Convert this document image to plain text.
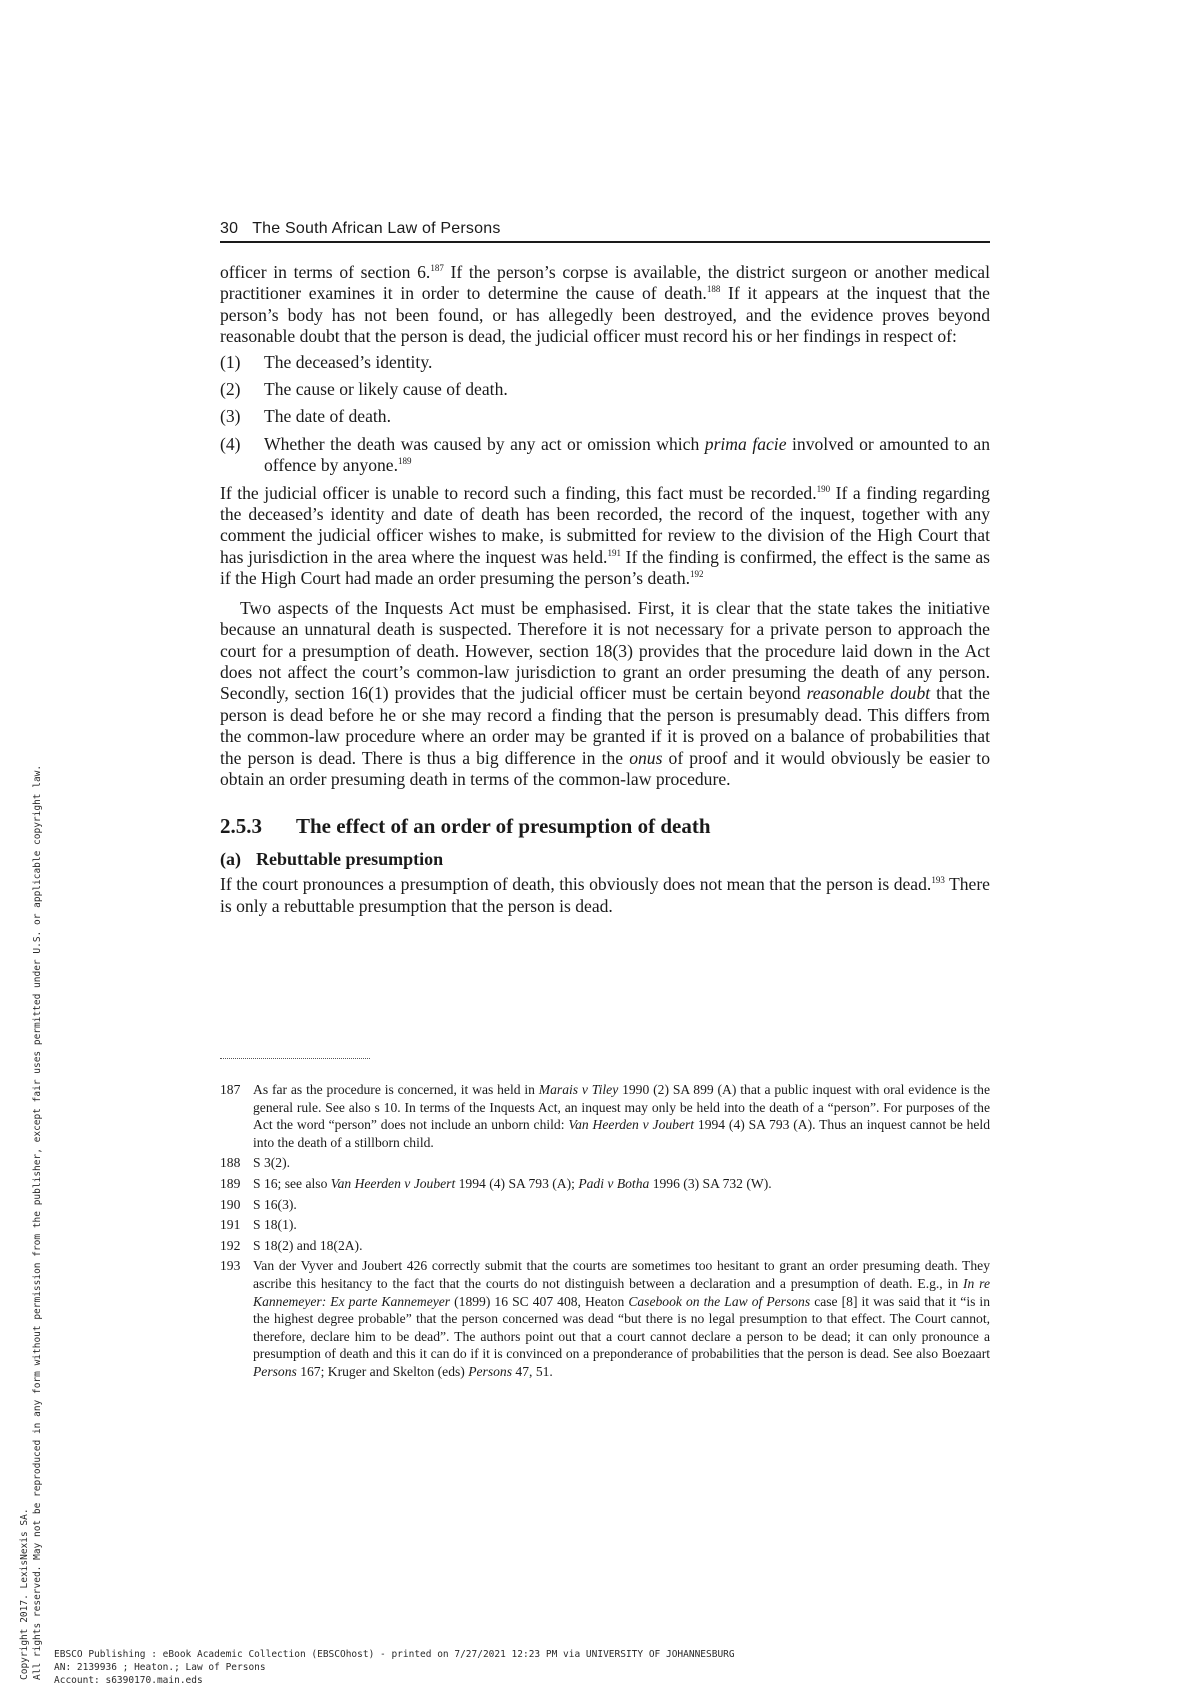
30 The South African Law of Persons

officer in terms of section 6.$^{187}$ If the person’s corpse is available, the district surgeon or another medical practitioner examines it in order to determine the cause of death.$^{188}$ If it appears at the inquest that the person’s body has not been found, or has allegedly been destroyed, and the evidence proves beyond reasonable doubt that the person is dead, the judicial officer must record his or her findings in respect of:

(1) The deceased’s identity.
(2) The cause or likely cause of death.
(3) The date of death.
(4) Whether the death was caused by any act or omission which prima facie involved or amounted to an offence by anyone.$^{189}$

If the judicial officer is unable to record such a finding, this fact must be recorded.$^{190}$ If a finding regarding the deceased’s identity and date of death has been recorded, the record of the inquest, together with any comment the judicial officer wishes to make, is submitted for review to the division of the High Court that has jurisdiction in the area where the inquest was held.$^{191}$ If the finding is confirmed, the effect is the same as if the High Court had made an order presuming the person’s death.$^{192}$

Two aspects of the Inquests Act must be emphasised. First, it is clear that the state takes the initiative because an unnatural death is suspected. Therefore it is not necessary for a private person to approach the court for a presumption of death. However, section 18(3) provides that the procedure laid down in the Act does not affect the court’s common-law jurisdiction to grant an order presuming the death of any person. Secondly, section 16(1) provides that the judicial officer must be certain beyond reasonable doubt that the person is dead before he or she may record a finding that the person is presumably dead. This differs from the common-law procedure where an order may be granted if it is proved on a balance of probabilities that the person is dead. There is thus a big difference in the onus of proof and it would obviously be easier to obtain an order presuming death in terms of the common-law procedure.

2.5.3 The effect of an order of presumption of death
(a) Rebuttable presumption

If the court pronounces a presumption of death, this obviously does not mean that the person is dead.$^{193}$ There is only a rebuttable presumption that the person is dead.

187 As far as the procedure is concerned, it was held in Marais v Tiley 1990 (2) SA 899 (A) that a public inquest with oral evidence is the general rule. See also s 10. In terms of the Inquests Act, an inquest may only be held into the death of a “person”. For purposes of the Act the word “person” does not include an unborn child: Van Heerden v Joubert 1994 (4) SA 793 (A). Thus an inquest cannot be held into the death of a stillborn child.
188 S 3(2).
189 S 16; see also Van Heerden v Joubert 1994 (4) SA 793 (A); Padi v Botha 1996 (3) SA 732 (W).
190 S 16(3).
191 S 18(1).
192 S 18(2) and 18(2A).
193 Van der Vyver and Joubert 426 correctly submit that the courts are sometimes too hesitant to grant an order presuming death. They ascribe this hesitancy to the fact that the courts do not distinguish between a declaration and a presumption of death. E.g., in In re Kannemeyer: Ex parte Kannemeyer (1899) 16 SC 407 408, Heaton Casebook on the Law of Persons case [8] it was said that it “is in the highest degree probable” that the person concerned was dead “but there is no legal presumption to that effect. The Court cannot, therefore, declare him to be dead”. The authors point out that a court cannot declare a person to be dead; it can only pronounce a presumption of death and this it can do if it is convinced on a preponderance of probabilities that the person is dead. See also Boezaart Persons 167; Kruger and Skelton (eds) Persons 47, 51.
Copyright 2017. LexisNexis SA. All rights reserved. May not be reproduced in any form without permission from the publisher, except fair uses permitted under U.S. or applicable copyright law. EBSCO Publishing : eBook Academic Collection (EBSCOhost) - printed on 7/27/2021 12:23 PM via UNIVERSITY OF JOHANNESBURG
AN: 2139936 ; Heaton.; Law of Persons
Account: s6390170.main.eds
